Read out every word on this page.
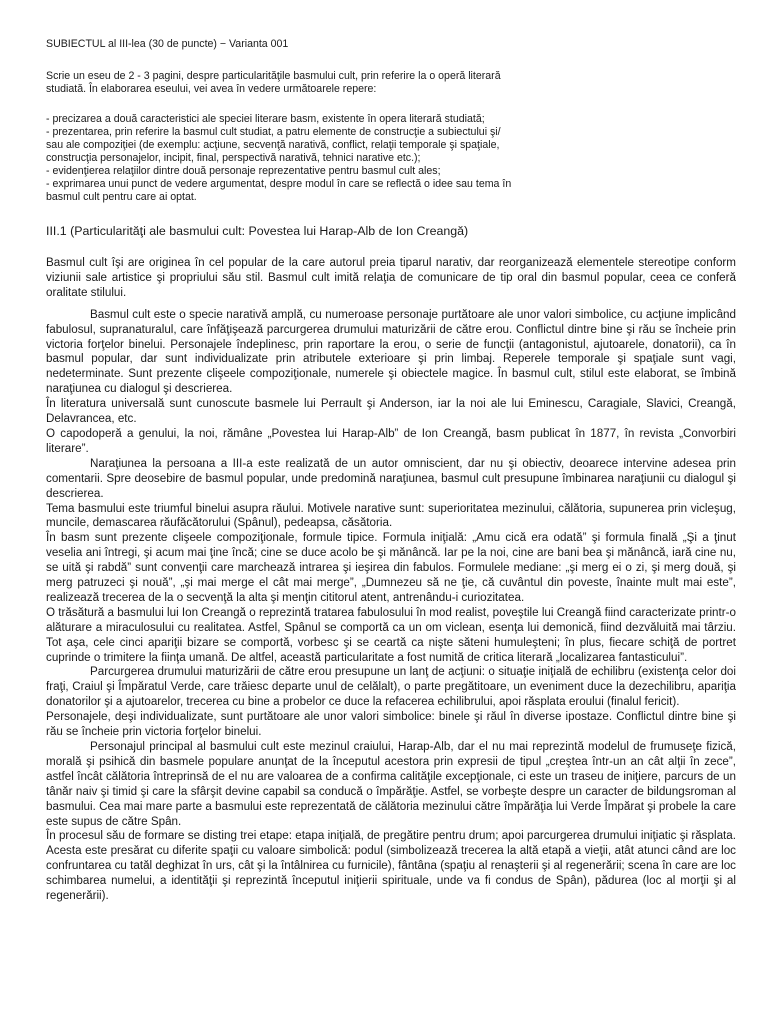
SUBIECTUL al III-lea (30 de puncte) − Varianta 001

Scrie un eseu de 2 - 3 pagini, despre particularităţile basmului cult, prin referire la o operă literară studiată. În elaborarea eseului, vei avea în vedere următoarele repere:

- precizarea a două caracteristici ale speciei literare basm, existente în opera literară studiată;
- prezentarea, prin referire la basmul cult studiat, a patru elemente de construcţie a subiectului şi/ sau ale compoziţiei (de exemplu: acţiune, secvenţă narativă, conflict, relaţii temporale şi spaţiale, construcţia personajelor, incipit, final, perspectivă narativă, tehnici narative etc.);
- evidenţierea relaţiilor dintre două personaje reprezentative pentru basmul cult ales;
- exprimarea unui punct de vedere argumentat, despre modul în care se reflectă o idee sau tema în basmul cult pentru care ai optat.

III.1 (Particularităţi ale basmului cult: Povestea lui Harap-Alb de Ion Creangă)

Basmul cult îşi are originea în cel popular de la care autorul preia tiparul narativ, dar reorganizează elementele stereotipe conform viziunii sale artistice şi propriului său stil. Basmul cult imită relaţia de comunicare de tip oral din basmul popular, ceea ce conferă oralitate stilului.

Basmul cult este o specie narativă amplă, cu numeroase personaje purtătoare ale unor valori simbolice, cu acţiune implicând fabulosul, supranaturalul, care înfăţişează parcurgerea drumului maturizării de către erou. Conflictul dintre bine şi rău se încheie prin victoria forţelor binelui. Personajele îndeplinesc, prin raportare la erou, o serie de funcţii (antagonistul, ajutoarele, donatorii), ca în basmul popular, dar sunt individualizate prin atributele exterioare şi prin limbaj. Reperele temporale şi spaţiale sunt vagi, nedeterminate. Sunt prezente clişeele compoziţionale, numerele şi obiectele magice. În basmul cult, stilul este elaborat, se îmbină naraţiunea cu dialogul şi descrierea.

În literatura universală sunt cunoscute basmele lui Perrault şi Anderson, iar la noi ale lui Eminescu, Caragiale, Slavici, Creangă, Delavrancea, etc.

O capodoperă a genului, la noi, rămâne „Povestea lui Harap-Alb” de Ion Creangă, basm publicat în 1877, în revista „Convorbiri literare”.

Naraţiunea la persoana a III-a este realizată de un autor omniscient, dar nu şi obiectiv, deoarece intervine adesea prin comentarii. Spre deosebire de basmul popular, unde predomină naraţiunea, basmul cult presupune îmbinarea naraţiunii cu dialogul şi descrierea.

Tema basmului este triumful binelui asupra răului. Motivele narative sunt: superioritatea mezinului, călătoria, supunerea prin vicleşug, muncile, demascarea răufăcătorului (Spânul), pedeapsa, căsătoria.

În basm sunt prezente clişeele compoziţionale, formule tipice. Formula iniţială: „Amu cică era odată” şi formula finală „Şi a ţinut veselia ani întregi, şi acum mai ţine încă; cine se duce acolo be şi mănâncă. Iar pe la noi, cine are bani bea şi mănâncă, iară cine nu, se uită şi rabdă” sunt convenţii care marchează intrarea şi ieşirea din fabulos. Formulele mediane: „şi merg ei o zi, şi merg două, şi merg patruzeci şi nouă”, „şi mai merge el cât mai merge”, „Dumnezeu să ne ţie, că cuvântul din poveste, înainte mult mai este”, realizează trecerea de la o secvenţă la alta şi menţin cititorul atent, antrenându-i curiozitatea.

O trăsătură a basmului lui Ion Creangă o reprezintă tratarea fabulosului în mod realist, poveştile lui Creangă fiind caracterizate printr-o alăturare a miraculosului cu realitatea. Astfel, Spânul se comportă ca un om viclean, esenţa lui demonică, fiind dezvăluită mai târziu. Tot aşa, cele cinci apariţii bizare se comportă, vorbesc şi se ceartă ca nişte săteni humuleşteni; în plus, fiecare schiţă de portret cuprinde o trimitere la fiinţa umană. De altfel, această particularitate a fost numită de critica literară „localizarea fantasticului”.

Parcurgerea drumului maturizării de către erou presupune un lanţ de acţiuni: o situaţie iniţială de echilibru (existenţa celor doi fraţi, Craiul şi Împăratul Verde, care trăiesc departe unul de celălalt), o parte pregătitoare, un eveniment duce la dezechilibru, apariţia donatorilor şi a ajutoarelor, trecerea cu bine a probelor ce duce la refacerea echilibrului, apoi răsplata eroului (finalul fericit).

Personajele, deşi individualizate, sunt purtătoare ale unor valori simbolice: binele şi răul în diverse ipostaze. Conflictul dintre bine şi rău se încheie prin victoria forţelor binelui.

Personajul principal al basmului cult este mezinul craiului, Harap-Alb, dar el nu mai reprezintă modelul de frumuseţe fizică, morală şi psihică din basmele populare anunţat de la începutul acestora prin expresii de tipul „creştea într-un an cât alţii în zece”, astfel încât călătoria întreprinsă de el nu are valoarea de a confirma calităţile excepţionale, ci este un traseu de iniţiere, parcurs de un tânăr naiv şi timid şi care la sfârşit devine capabil sa conducă o împărăţie. Astfel, se vorbeşte despre un caracter de bildungsroman al basmului. Cea mai mare parte a basmului este reprezentată de călătoria mezinului către împărăţia lui Verde Împărat şi probele la care este supus de către Spân.

În procesul său de formare se disting trei etape: etapa iniţială, de pregătire pentru drum; apoi parcurgerea drumului iniţiatic şi răsplata. Acesta este presărat cu diferite spaţii cu valoare simbolică: podul (simbolizează trecerea la altă etapă a vieţii, atât atunci când are loc confruntarea cu tatăl deghizat în urs, cât şi la întâlnirea cu furnicile), fântâna (spaţiu al renaşterii şi al regenerării; scena în care are loc schimbarea numelui, a identităţii şi reprezintă începutul iniţierii spirituale, unde va fi condus de Spân), pădurea (loc al morţii şi al regenerării).
